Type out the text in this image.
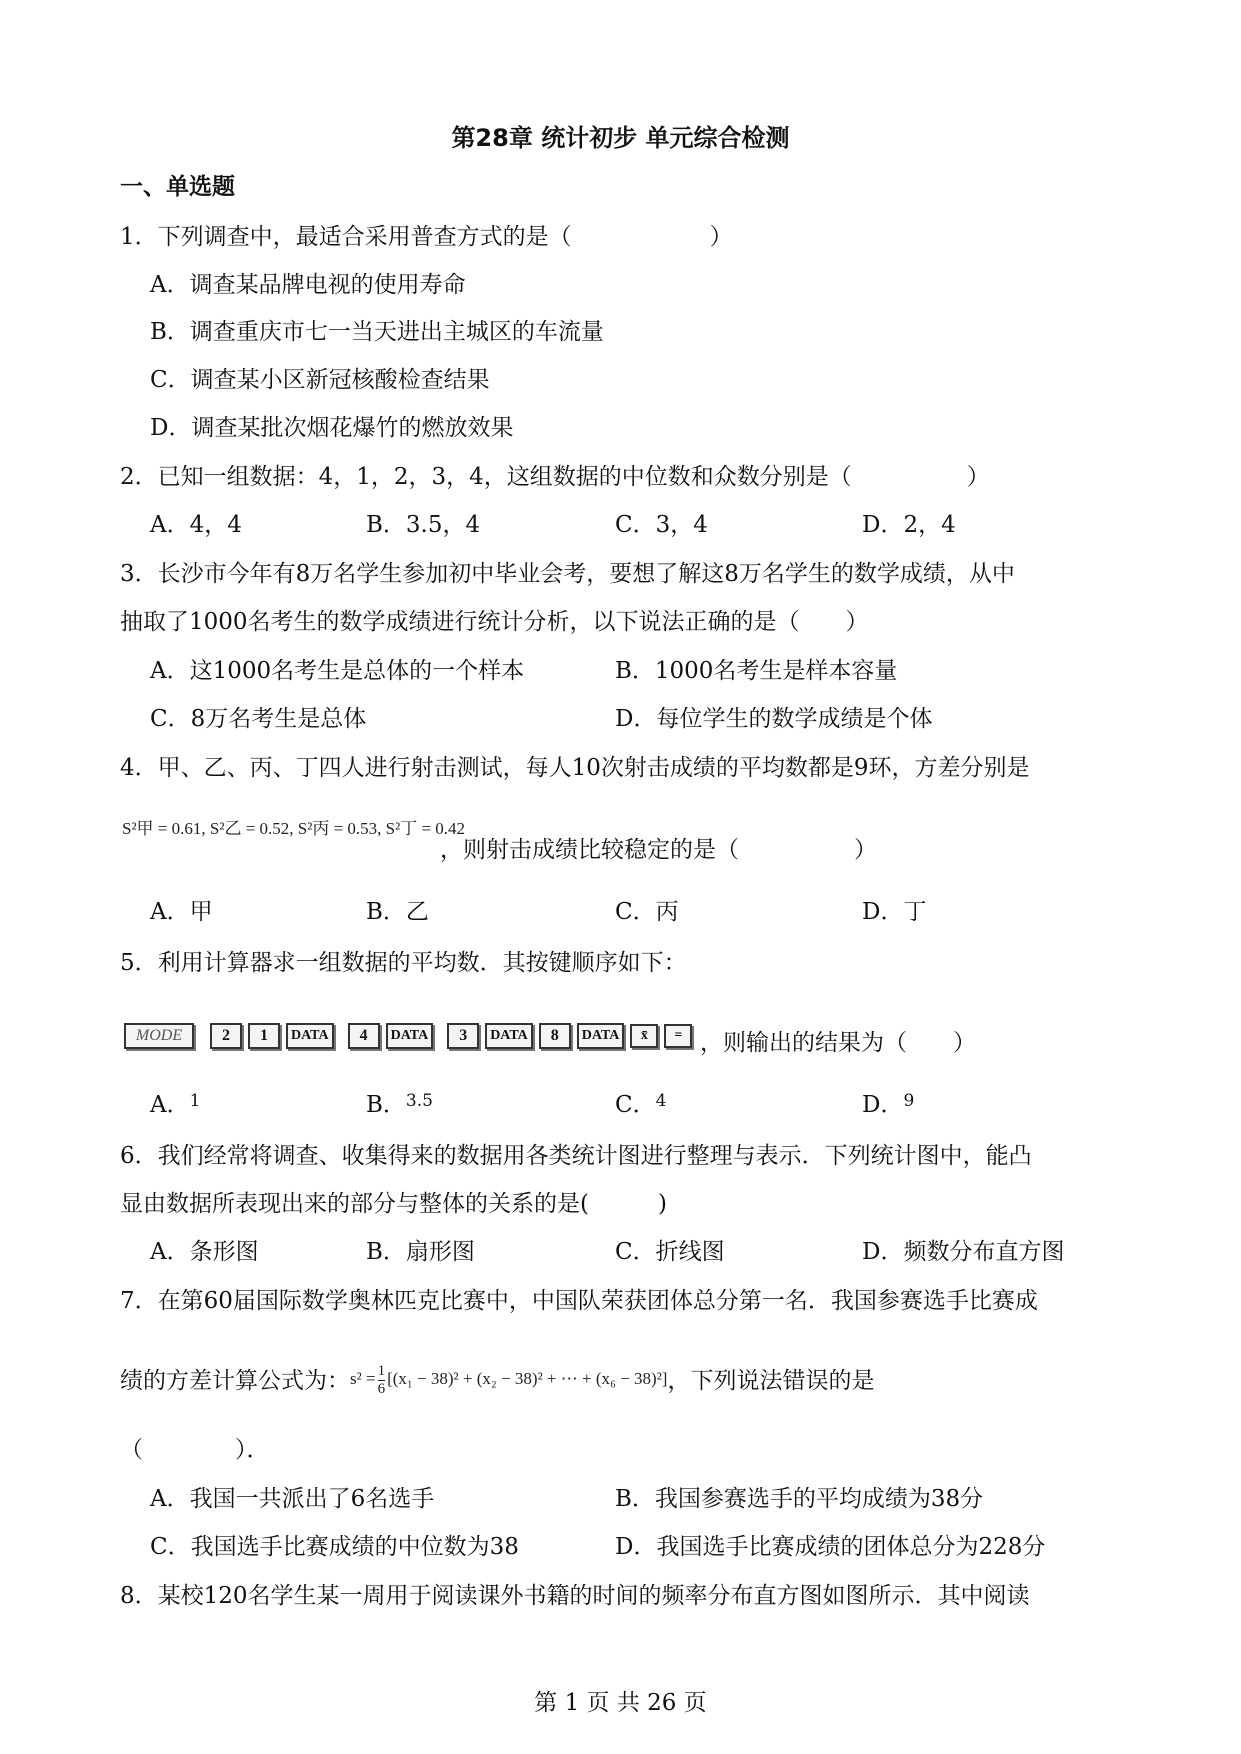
第28章 统计初步 单元综合检测
一、单选题
1．下列调查中，最适合采用普查方式的是（　　　　　　）
A．调查某品牌电视的使用寿命
B．调查重庆市七一当天进出主城区的车流量
C．调查某小区新冠核酸检查结果
D．调查某批次烟花爆竹的燃放效果
2．已知一组数据：4，1，2，3，4，这组数据的中位数和众数分别是（　　　　　）
A．4，4	B．3.5，4	C．3，4	D．2，4
3．长沙市今年有8万名学生参加初中毕业会考，要想了解这8万名学生的数学成绩，从中
抽取了1000名考生的数学成绩进行统计分析，以下说法正确的是（　　）
A．这1000名考生是总体的一个样本	B．1000名考生是样本容量
C．8万名考生是总体	D．每位学生的数学成绩是个体
4．甲、乙、丙、丁四人进行射击测试，每人10次射击成绩的平均数都是9环，方差分别是
S²甲 = 0.61, S²乙 = 0.52, S²丙 = 0.53, S²丁 = 0.42
，则射击成绩比较稳定的是（　　　　　）
A．甲	B．乙	C．丙	D．丁
5．利用计算器求一组数据的平均数．其按键顺序如下：
MODE	2	1	DATA	4	DATA	3	DATA	8	DATA	x̄	= ，则输出的结果为（　　）
A．$^1$	B．$^{3.5}$	C．$^4$	D．$^9$
6．我们经常将调查、收集得来的数据用各类统计图进行整理与表示．下列统计图中，能凸
显由数据所表现出来的部分与整体的关系的是(　　　)
A．条形图	B．扇形图	C．折线图	D．频数分布直方图
7．在第60届国际数学奥林匹克比赛中，中国队荣获团体总分第一名．我国参赛选手比赛成
绩的方差计算公式为：$s^2 = \frac{1}{6} [(x_1 - 38)^2 + (x_2 - 38)^2$ + ⋯ + (x₆ − 38)²]，下列说法错误的是
（　　　　）．
A．我国一共派出了6名选手	B．我国参赛选手的平均成绩为38分
C．我国选手比赛成绩的中位数为38	D．我国选手比赛成绩的团体总分为228分
8．某校120名学生某一周用于阅读课外书籍的时间的频率分布直方图如图所示．其中阅读
第 1 页 共 26 页
